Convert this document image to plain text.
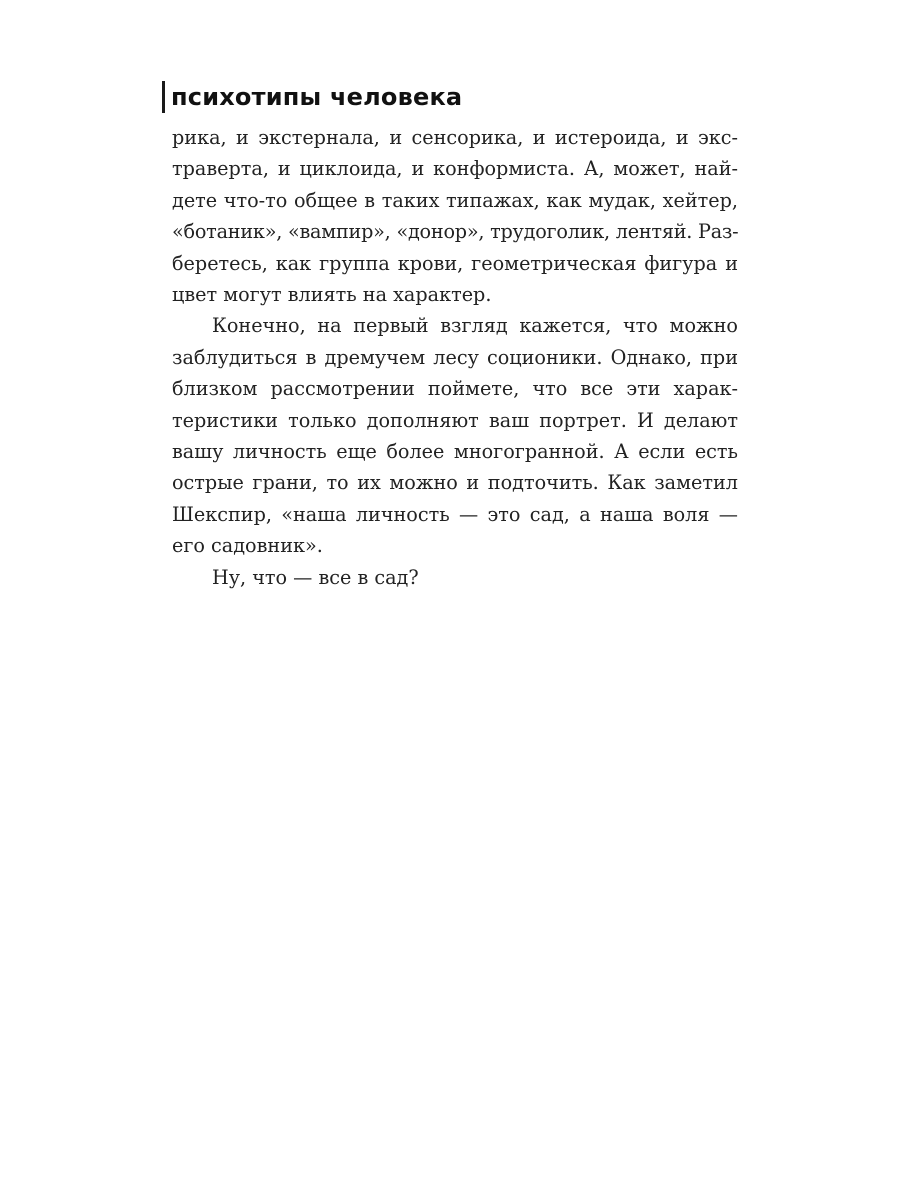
психотипы человека

рика, и экстернала, и сенсорика, и истероида, и экс-
траверта, и циклоида, и конформиста. А, может, най-
дете что-то общее в таких типажах, как мудак, хейтер,
«ботаник», «вампир», «донор», трудоголик, лентяй. Раз-
беретесь, как группа крови, геометрическая фигура и
цвет могут влиять на характер.

Конечно, на первый взгляд кажется, что можно
заблудиться в дремучем лесу соционики. Однако, при
близком рассмотрении поймете, что все эти харак-
теристики только дополняют ваш портрет. И делают
вашу личность еще более многогранной. А если есть
острые грани, то их можно и подточить. Как заметил
Шекспир, «наша личность — это сад, а наша воля —
его садовник».

Ну, что — все в сад?
